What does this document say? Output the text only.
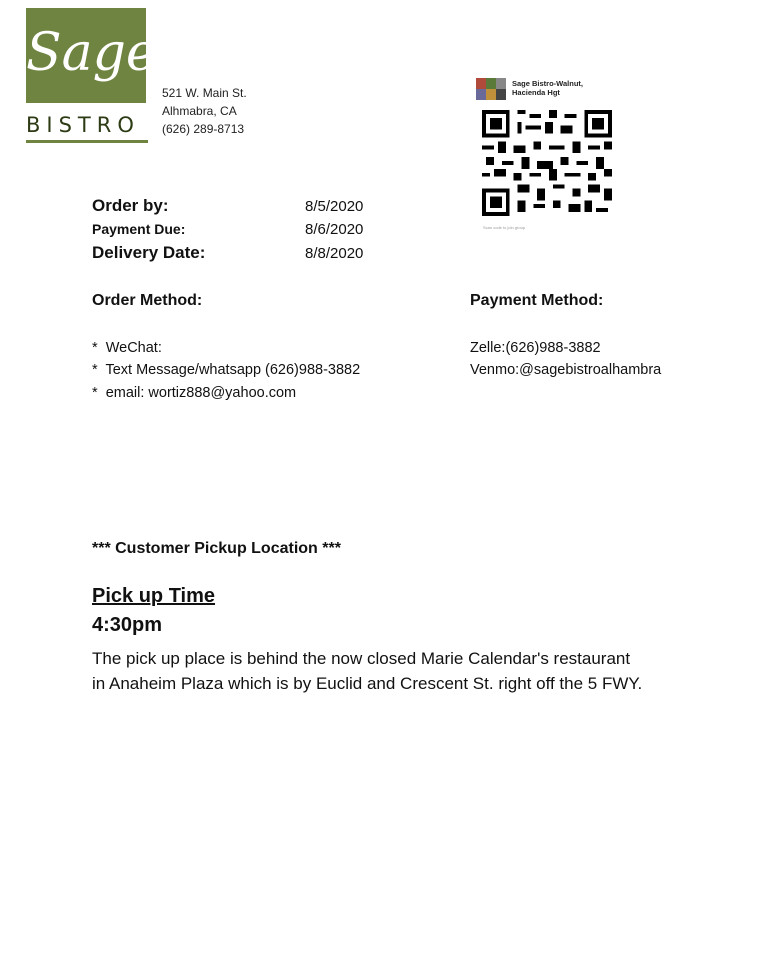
Sage
BISTRO
521 W. Main St.
Alhmabra, CA
(626) 289-8713
Sage Bistro-Walnut,
Hacienda Hgt
Scan code to join group
Order by:	8/5/2020
Payment Due:	8/6/2020
Delivery Date:	8/8/2020
Order Method:
*  WeChat:
*  Text Message/whatsapp (626)988-3882
*  email: wortiz888@yahoo.com
Payment Method:
Zelle:(626)988-3882
Venmo:@sagebistroalhambra
*** Customer Pickup Location ***
Pick up Time
4:30pm
The pick up place is behind the now closed Marie Calendar's restaurant
in Anaheim Plaza which is by Euclid and Crescent St. right off the 5 FWY.
